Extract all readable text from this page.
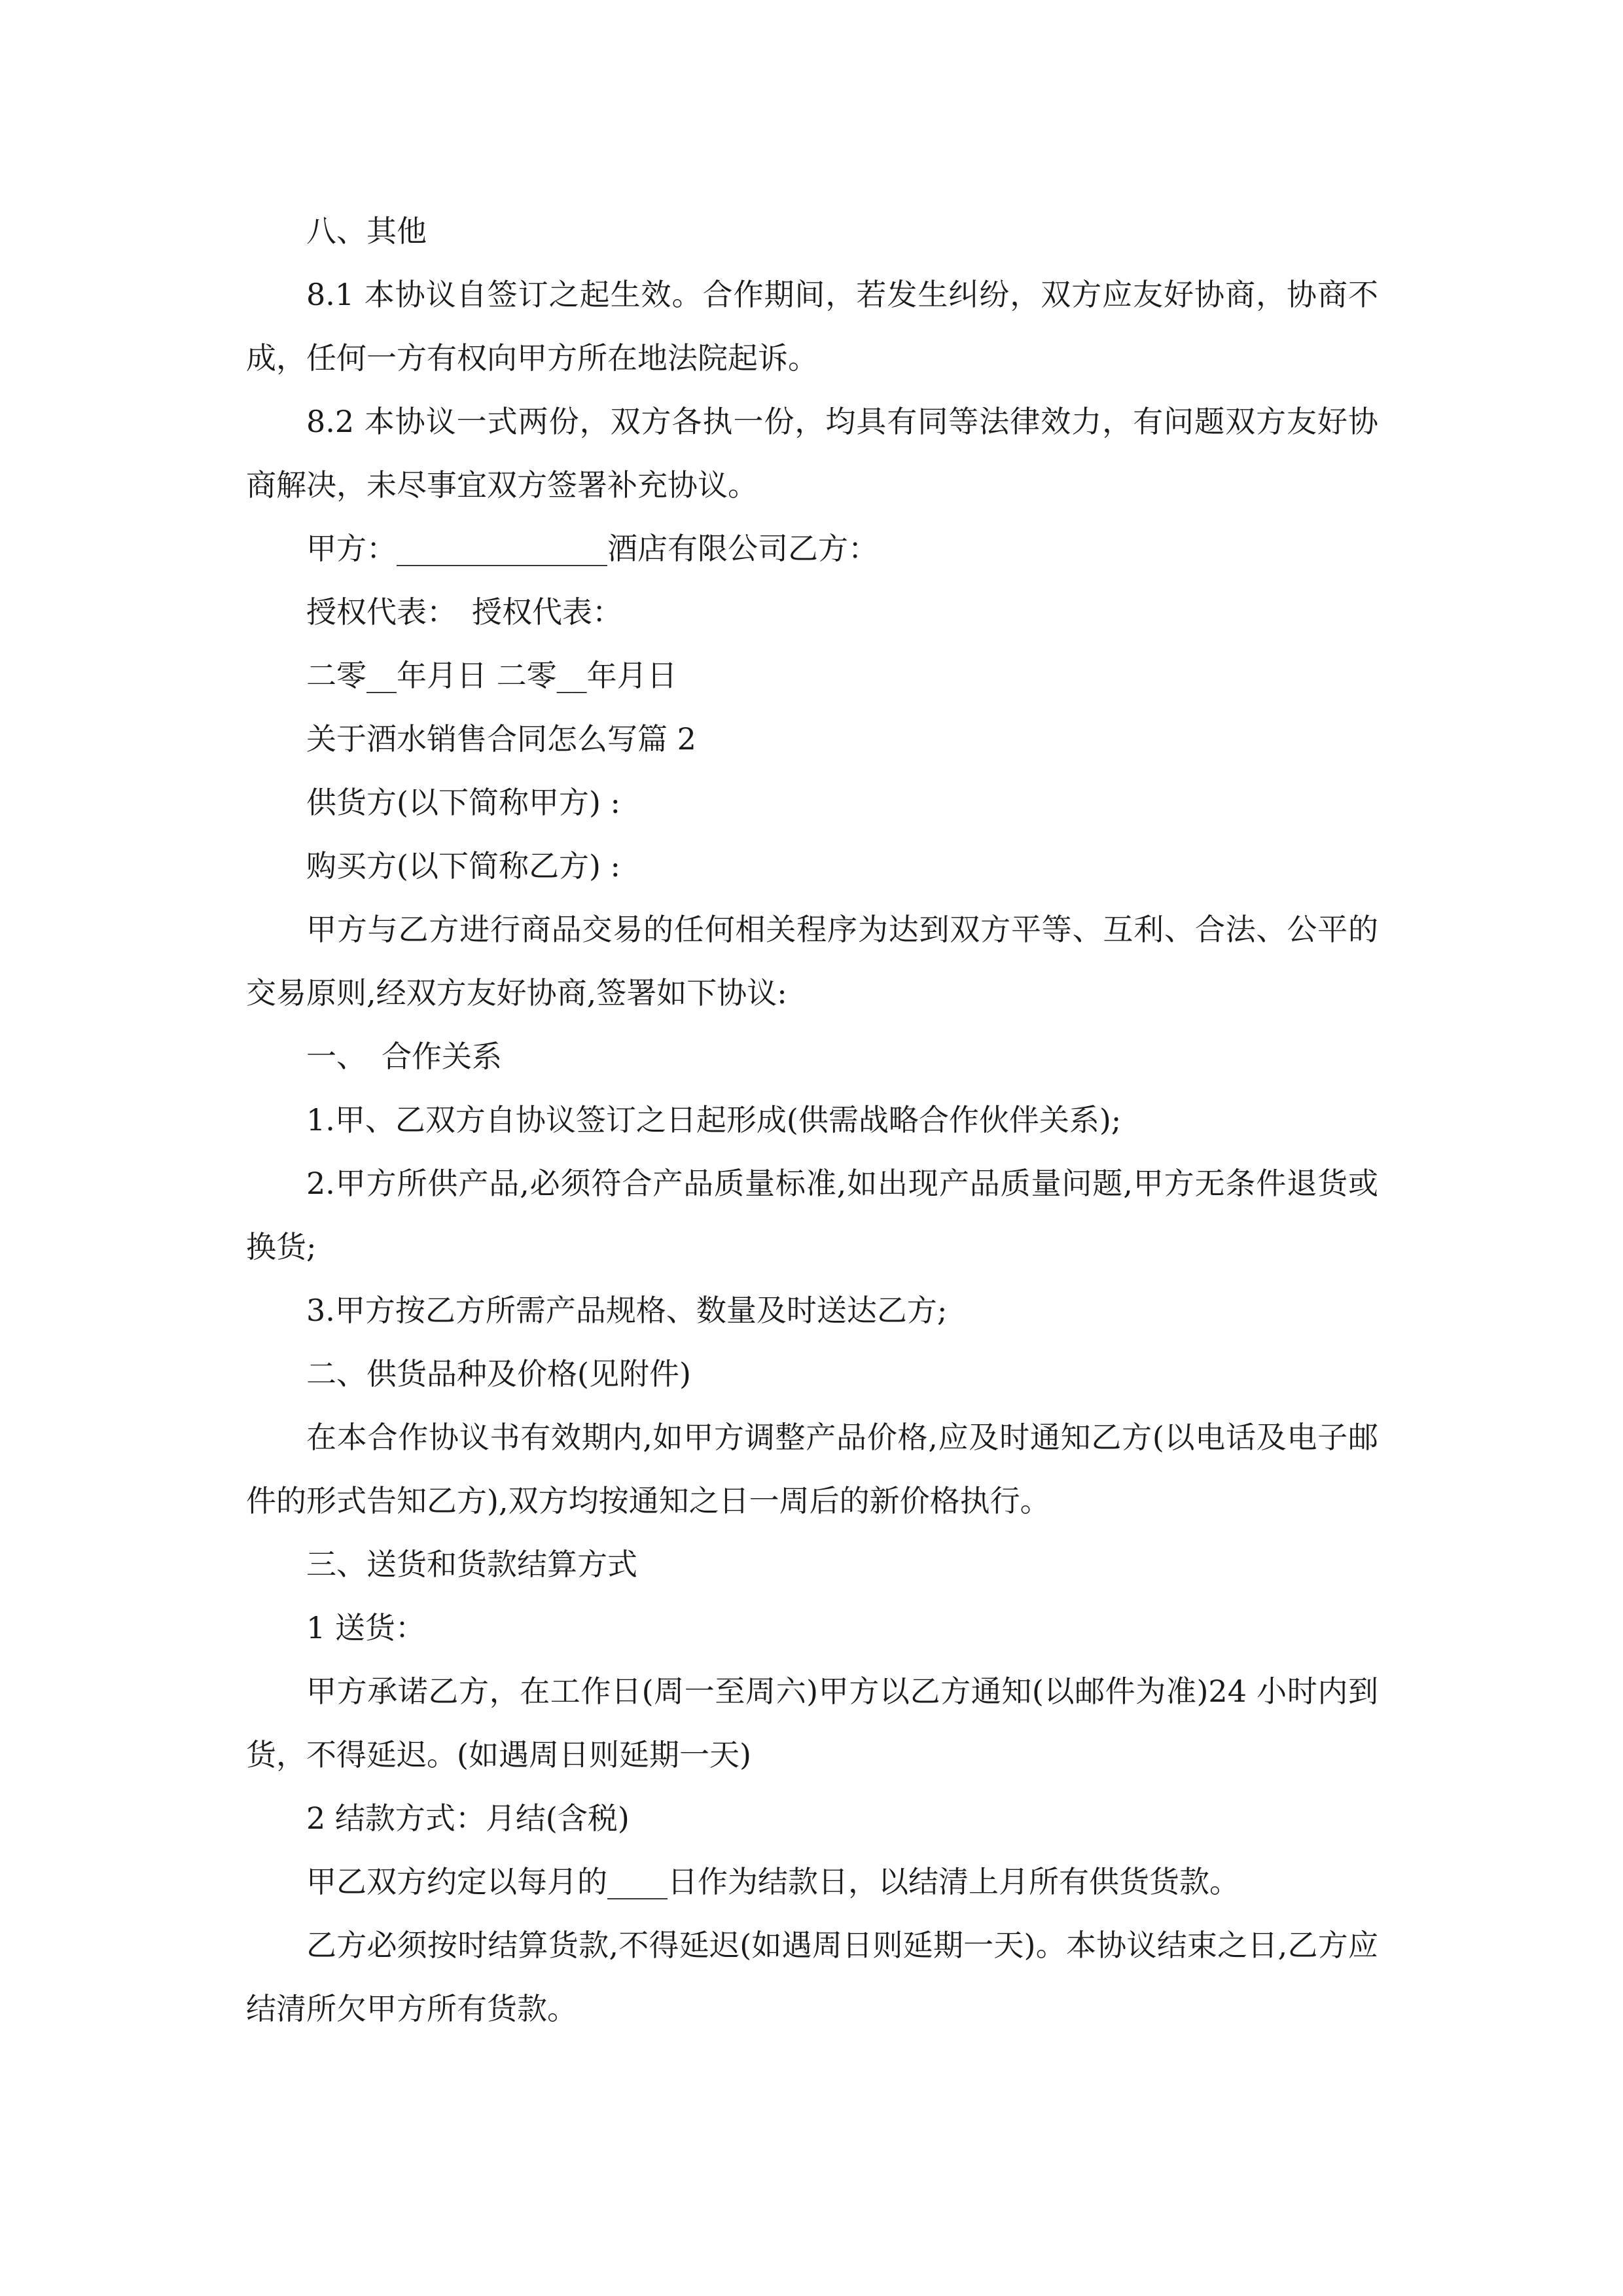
八、其他

8.1 本协议自签订之起生效。合作期间，若发生纠纷，双方应友好协商，协商不成，任何一方有权向甲方所在地法院起诉。

8.2 本协议一式两份，双方各执一份，均具有同等法律效力，有问题双方友好协商解决，未尽事宜双方签署补充协议。

甲方：______________酒店有限公司乙方：

授权代表：　授权代表：

二零__年月日 二零__年月日

关于酒水销售合同怎么写篇 2

供货方(以下简称甲方) :

购买方(以下简称乙方) :

甲方与乙方进行商品交易的任何相关程序为达到双方平等、互利、合法、公平的交易原则,经双方友好协商,签署如下协议:

一、　合作关系

1.甲、乙双方自协议签订之日起形成(供需战略合作伙伴关系);

2.甲方所供产品,必须符合产品质量标准,如出现产品质量问题,甲方无条件退货或换货;

3.甲方按乙方所需产品规格、数量及时送达乙方;

二、供货品种及价格(见附件)

在本合作协议书有效期内,如甲方调整产品价格,应及时通知乙方(以电话及电子邮件的形式告知乙方),双方均按通知之日一周后的新价格执行。

三、送货和货款结算方式

1 送货：

甲方承诺乙方，在工作日(周一至周六)甲方以乙方通知(以邮件为准)24 小时内到货，不得延迟。(如遇周日则延期一天)

2 结款方式：月结(含税)

甲乙双方约定以每月的____日作为结款日，以结清上月所有供货货款。

乙方必须按时结算货款,不得延迟(如遇周日则延期一天)。本协议结束之日,乙方应结清所欠甲方所有货款。
